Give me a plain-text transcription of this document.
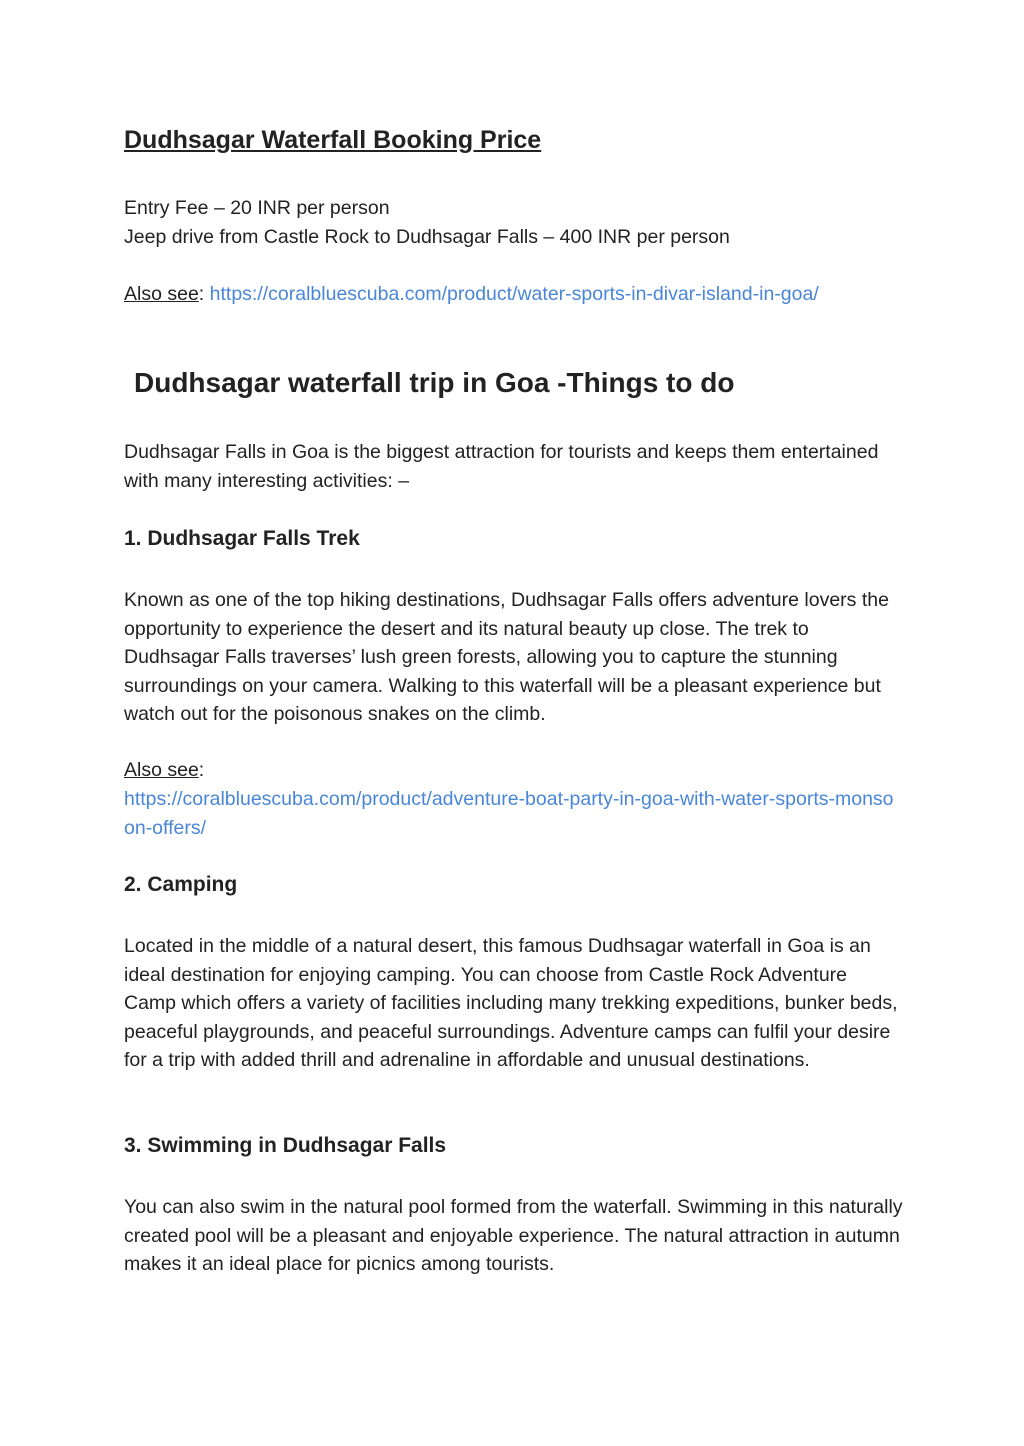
Dudhsagar Waterfall Booking Price
Entry Fee – 20 INR per person
Jeep drive from Castle Rock to Dudhsagar Falls – 400 INR per person
Also see: https://coralbluescuba.com/product/water-sports-in-divar-island-in-goa/
Dudhsagar waterfall trip in Goa -Things to do

Dudhsagar Falls in Goa is the biggest attraction for tourists and keeps them entertained with many interesting activities: –

1. Dudhsagar Falls Trek

Known as one of the top hiking destinations, Dudhsagar Falls offers adventure lovers the opportunity to experience the desert and its natural beauty up close. The trek to Dudhsagar Falls traverses’ lush green forests, allowing you to capture the stunning surroundings on your camera. Walking to this waterfall will be a pleasant experience but watch out for the poisonous snakes on the climb.

Also see:
https://coralbluescuba.com/product/adventure-boat-party-in-goa-with-water-sports-monsoon-offers/
2. Camping

Located in the middle of a natural desert, this famous Dudhsagar waterfall in Goa is an ideal destination for enjoying camping. You can choose from Castle Rock Adventure Camp which offers a variety of facilities including many trekking expeditions, bunker beds, peaceful playgrounds, and peaceful surroundings. Adventure camps can fulfil your desire for a trip with added thrill and adrenaline in affordable and unusual destinations.

3. Swimming in Dudhsagar Falls

You can also swim in the natural pool formed from the waterfall. Swimming in this naturally created pool will be a pleasant and enjoyable experience. The natural attraction in autumn makes it an ideal place for picnics among tourists.
